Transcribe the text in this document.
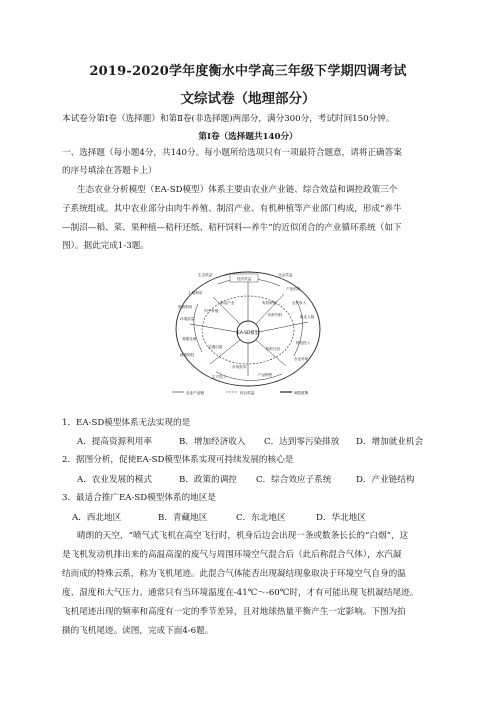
2019-2020学年度衡水中学高三年级下学期四调考试
文综试卷（地理部分）
本试卷分第Ⅰ卷（选择题）和第Ⅱ卷(非选择题)两部分，满分300分，考试时间150分钟。
第Ⅰ卷（选择题共140分）
一、选择题（每小题4分，共140分。每小题所给选项只有一项最符合题意，请将正确答案
的序号填涂在答题卡上）
生态农业分析模型（EA-SD模型）体系主要由农业产业链、综合效益和调控政策三个
子系统组成。其中农业部分由肉牛养殖、制沼产业、有机种植等产业部门构成，形成“养牛
—制沼—稻、菜、果种植—秸秆还纸、秸秆饲料—养牛”的近似闭合的产业循环系统（如下
图）。据此完成1-3题。
EA-SD模型
经济效益
社会效益
生态效益
产业结构
农民收入
就业人数
土地利用
资源利用
环境质量
肉牛养殖
制沼产业	有机种植
秸秆饲料
秸秆还田
沼液沼渣
粪便处理
政策调控
科技投入
农业补贴
市场需求
产品销售
生产投入
农业产业链	综合效益	调控政策
1．EA-SD模型体系无法实现的是
A．提高资源利用率	B．增加经济收入 C．达到零污染排放 D．增加就业机会
2．据图分析，促使EA-SD模型体系实现可持续发展的核心是
A．农业发展的模式	B．政策的调控 C．综合效应子系统	D．产业链结构
3．最适合推广EA-SD模型体系的地区是
A．西北地区	B．青藏地区	C．东北地区	D．华北地区
晴朗的天空，“喷气式飞机在高空飞行时，机身后边会出现一条或数条长长的“白烟”，这
是飞机发动机排出来的高温高湿的废气与周围环境空气混合后（此后称混合气体），水汽凝
结而成的特殊云系，称为飞机尾迹。此混合气体能否出现凝结现象取决于环境空气自身的温
度、湿度和大气压力。通常只有当环境温度在-41℃～-60℃时，才有可能出现飞机凝结尾迹。
飞机尾迹出现的频率和高度有一定的季节差异，且对地球热量平衡产生一定影响。下图为拍
摄的飞机尾迹。读图，完成下面4-6题。
